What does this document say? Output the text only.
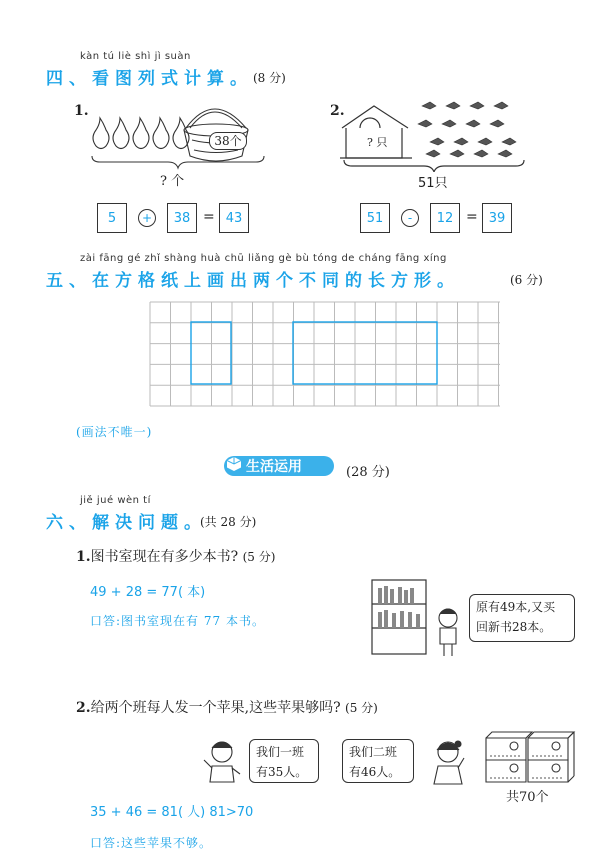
kàn tú liè shì jì suàn
四、看图列式计算。 (8 分)
1.
38个
? 个
5	+	38 = 43
2.
? 只
51只
51	-	12 = 39
zài fāng gé zhǐ shàng huà chū liǎng gè bù tóng de cháng fāng xíng
五、在方格纸上画出两个不同的长方形。	(6 分)
(画法不唯一)
生活运用	(28 分)
jiě jué wèn tí
六、解决问题。
(共 28 分)
1.图书室现在有多少本书? (5 分)
49 + 28 = 77( 本)
口答:图书室现在有 77 本书。
原有49本,又买
回新书28本。
2.给两个班每人发一个苹果,这些苹果够吗? (5 分)
我们一班
有35人。
我们二班
有46人。
共70个
35 + 46 = 81( 人) 81>70
口答:这些苹果不够。
